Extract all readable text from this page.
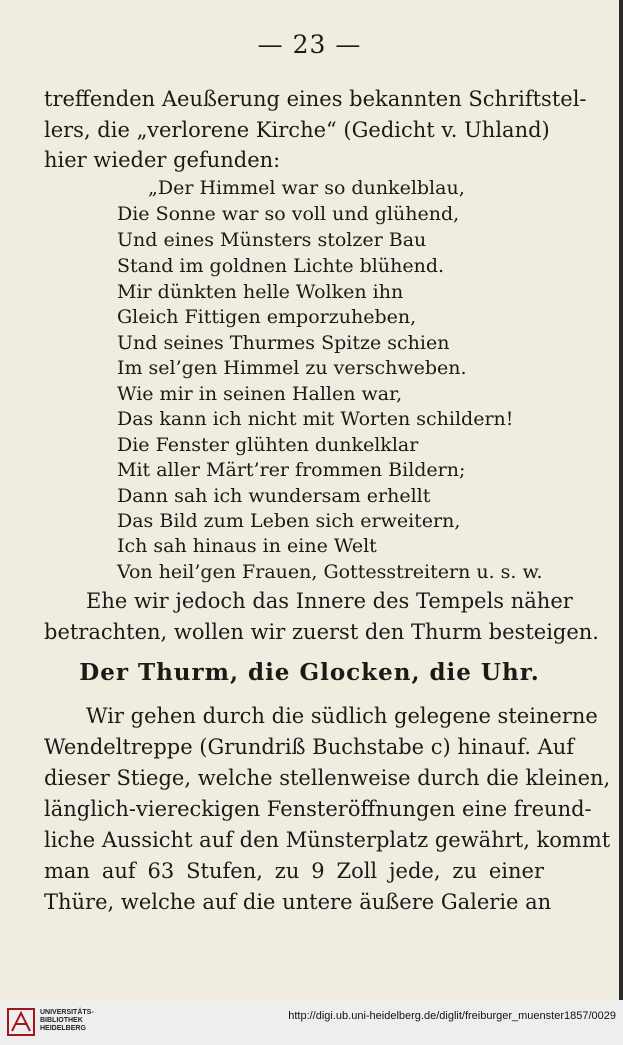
— 23 —
treffenden Aeußerung eines bekannten Schriftstel-
lers, die „verlorene Kirche“ (Gedicht v. Uhland)
hier wieder gefunden:
„Der Himmel war so dunkelblau,
Die Sonne war so voll und glühend,
Und eines Münsters stolzer Bau
Stand im goldnen Lichte blühend.
Mir dünkten helle Wolken ihn
Gleich Fittigen emporzuheben,
Und seines Thurmes Spitze schien
Im sel’gen Himmel zu verschweben.
Wie mir in seinen Hallen war,
Das kann ich nicht mit Worten schildern!
Die Fenster glühten dunkelklar
Mit aller Märt’rer frommen Bildern;
Dann sah ich wundersam erhellt
Das Bild zum Leben sich erweitern,
Ich sah hinaus in eine Welt
Von heil’gen Frauen, Gottesstreitern u. s. w.
Ehe wir jedoch das Innere des Tempels näher
betrachten, wollen wir zuerst den Thurm besteigen.
Der Thurm, die Glocken, die Uhr.
Wir gehen durch die südlich gelegene steinerne
Wendeltreppe (Grundriß Buchstabe c) hinauf. Auf
dieser Stiege, welche stellenweise durch die kleinen,
länglich-viereckigen Fensteröffnungen eine freund-
liche Aussicht auf den Münsterplatz gewährt, kommt
man auf 63 Stufen, zu 9 Zoll jede, zu einer
Thüre, welche auf die untere äußere Galerie an
UNIVERSITÄTS-
BIBLIOTHEK
HEIDELBERG
http://digi.ub.uni-heidelberg.de/diglit/freiburger_muenster1857/0029
